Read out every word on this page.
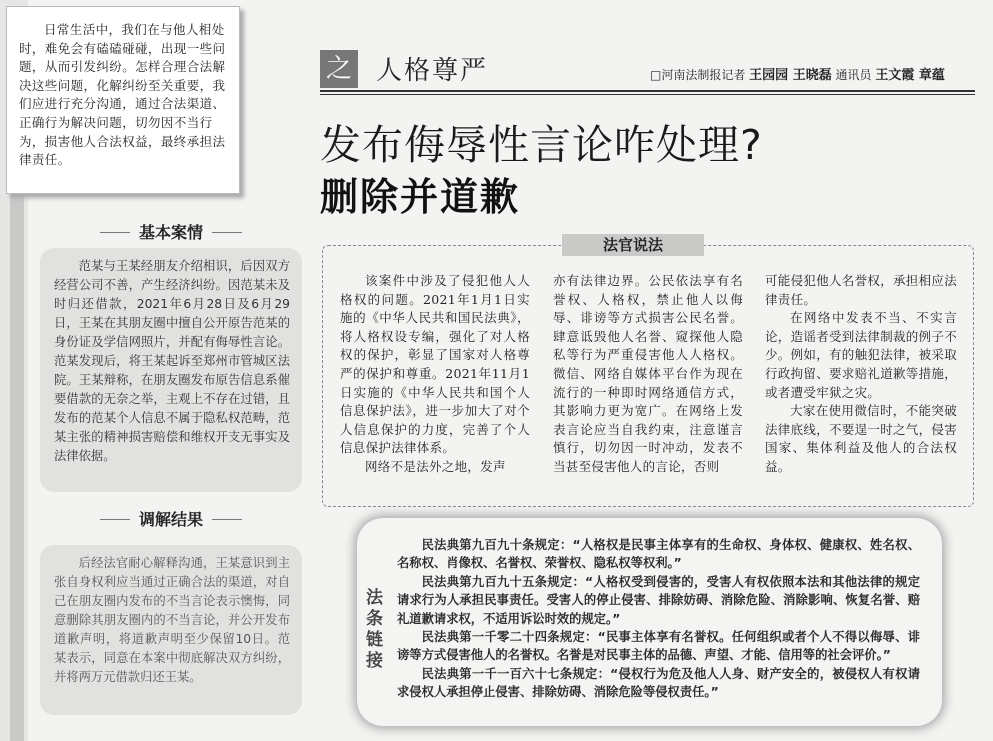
日常生活中，我们在与他人相处时，难免会有磕磕碰碰，出现一些问题，从而引发纠纷。怎样合理合法解决这些问题，化解纠纷至关重要，我们应进行充分沟通，通过合法渠道、正确行为解决问题，切勿因不当行为，损害他人合法权益，最终承担法律责任。
之 人格尊严	□河南法制报记者 王园园 王晓磊 通讯员 王文霞 章蕴
发布侮辱性言论咋处理?
删除并道歉
基本案情
范某与王某经朋友介绍相识，后因双方经营公司不善，产生经济纠纷。因范某未及时归还借款，2021年6月28日及6月29日，王某在其朋友圈中擅自公开原告范某的身份证及学信网照片，并配有侮辱性言论。范某发现后，将王某起诉至郑州市管城区法院。王某辩称，在朋友圈发布原告信息系催要借款的无奈之举，主观上不存在过错，且发布的范某个人信息不属于隐私权范畴，范某主张的精神损害赔偿和维权开支无事实及法律依据。
调解结果
后经法官耐心解释沟通，王某意识到主张自身权利应当通过正确合法的渠道，对自己在朋友圈内发布的不当言论表示懊悔，同意删除其朋友圈内的不当言论，并公开发布道歉声明，将道歉声明至少保留10日。范某表示，同意在本案中彻底解决双方纠纷，并将两万元借款归还王某。
法官说法

该案件中涉及了侵犯他人人格权的问题。2021年1月1日实施的《中华人民共和国民法典》，将人格权设专编，强化了对人格权的保护，彰显了国家对人格尊严的保护和尊重。2021年11月1日实施的《中华人民共和国个人信息保护法》，进一步加大了对个人信息保护的力度，完善了个人信息保护法律体系。

网络不是法外之地，发声

亦有法律边界。公民依法享有名誉权、人格权，禁止他人以侮辱、诽谤等方式损害公民名誉。肆意诋毁他人名誉、窥探他人隐私等行为严重侵害他人人格权。微信、网络自媒体平台作为现在流行的一种即时网络通信方式，其影响力更为宽广。在网络上发表言论应当自我约束，注意谨言慎行，切勿因一时冲动，发表不当甚至侵害他人的言论，否则

可能侵犯他人名誉权，承担相应法律责任。

在网络中发表不当、不实言论，造谣者受到法律制裁的例子不少。例如，有的触犯法律，被采取行政拘留、要求赔礼道歉等措施，或者遭受牢狱之灾。

大家在使用微信时，不能突破法律底线，不要逞一时之气，侵害国家、集体利益及他人的合法权益。

民法典第九百九十条规定：“人格权是民事主体享有的生命权、身体权、健康权、姓名权、名称权、肖像权、名誉权、荣誉权、隐私权等权利。”

民法典第九百九十五条规定：“人格权受到侵害的，受害人有权依照本法和其他法律的规定请求行为人承担民事责任。受害人的停止侵害、排除妨碍、消除危险、消除影响、恢复名誉、赔礼道歉请求权，不适用诉讼时效的规定。”

民法典第一千零二十四条规定：“民事主体享有名誉权。任何组织或者个人不得以侮辱、诽谤等方式侵害他人的名誉权。名誉是对民事主体的品德、声望、才能、信用等的社会评价。”

民法典第一千一百六十七条规定：“侵权行为危及他人人身、财产安全的，被侵权人有权请求侵权人承担停止侵害、排除妨碍、消除危险等侵权责任。”

法条链接
